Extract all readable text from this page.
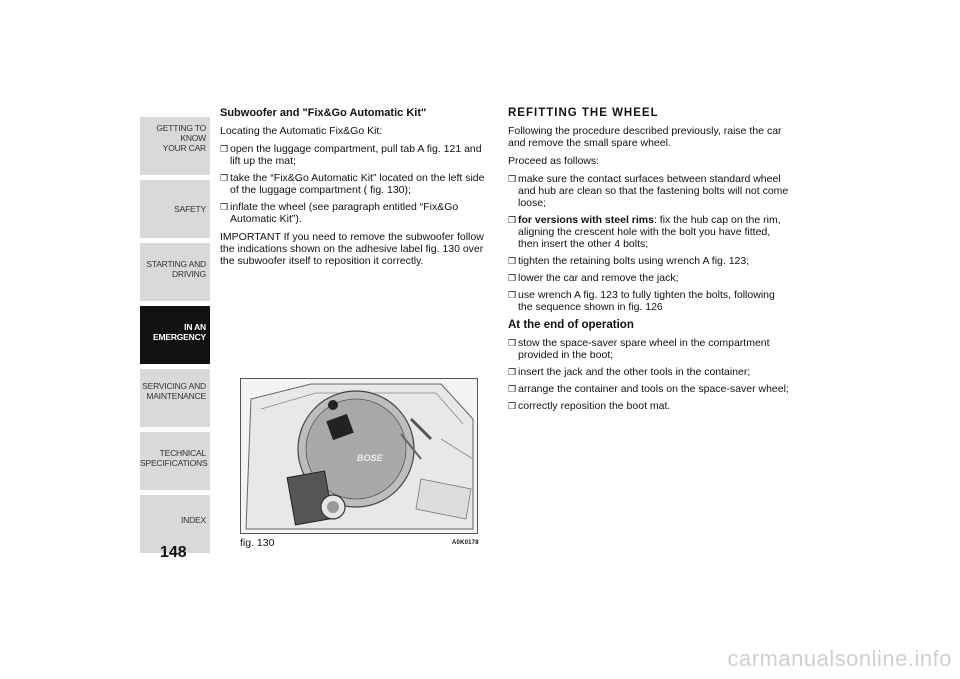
GETTING TO KNOW
YOUR CAR
SAFETY
STARTING AND
DRIVING
IN AN
EMERGENCY
SERVICING AND
MAINTENANCE
TECHNICAL
SPECIFICATIONS
INDEX
148
Subwoofer and "Fix&Go Automatic Kit"

Locating the Automatic Fix&Go Kit:

❒ open the luggage compartment, pull tab A fig. 121 and lift up the mat;
❒ take the “Fix&Go Automatic Kit” located on the left side of the luggage compartment ( fig. 130);
❒ inflate the wheel (see paragraph entitled “Fix&Go Automatic Kit”).

IMPORTANT If you need to remove the subwoofer follow the indications shown on the adhesive label fig. 130 over the subwoofer itself to reposition it correctly.

BOSE
fig. 130	A0K0178
REFITTING THE WHEEL

Following the procedure described previously, raise the car and remove the small spare wheel.

Proceed as follows:

❒ make sure the contact surfaces between standard wheel and hub are clean so that the fastening bolts will not come loose;
❒ for versions with steel rims: fix the hub cap on the rim, aligning the crescent hole with the bolt you have fitted, then insert the other 4 bolts;
❒ tighten the retaining bolts using wrench A fig. 123;
❒ lower the car and remove the jack;
❒ use wrench A fig. 123 to fully tighten the bolts, following the sequence shown in fig. 126
At the end of operation
❒ stow the space-saver spare wheel in the compartment provided in the boot;
❒ insert the jack and the other tools in the container;
❒ arrange the container and tools on the space-saver wheel;
❒ correctly reposition the boot mat.
carmanualsonline.info
